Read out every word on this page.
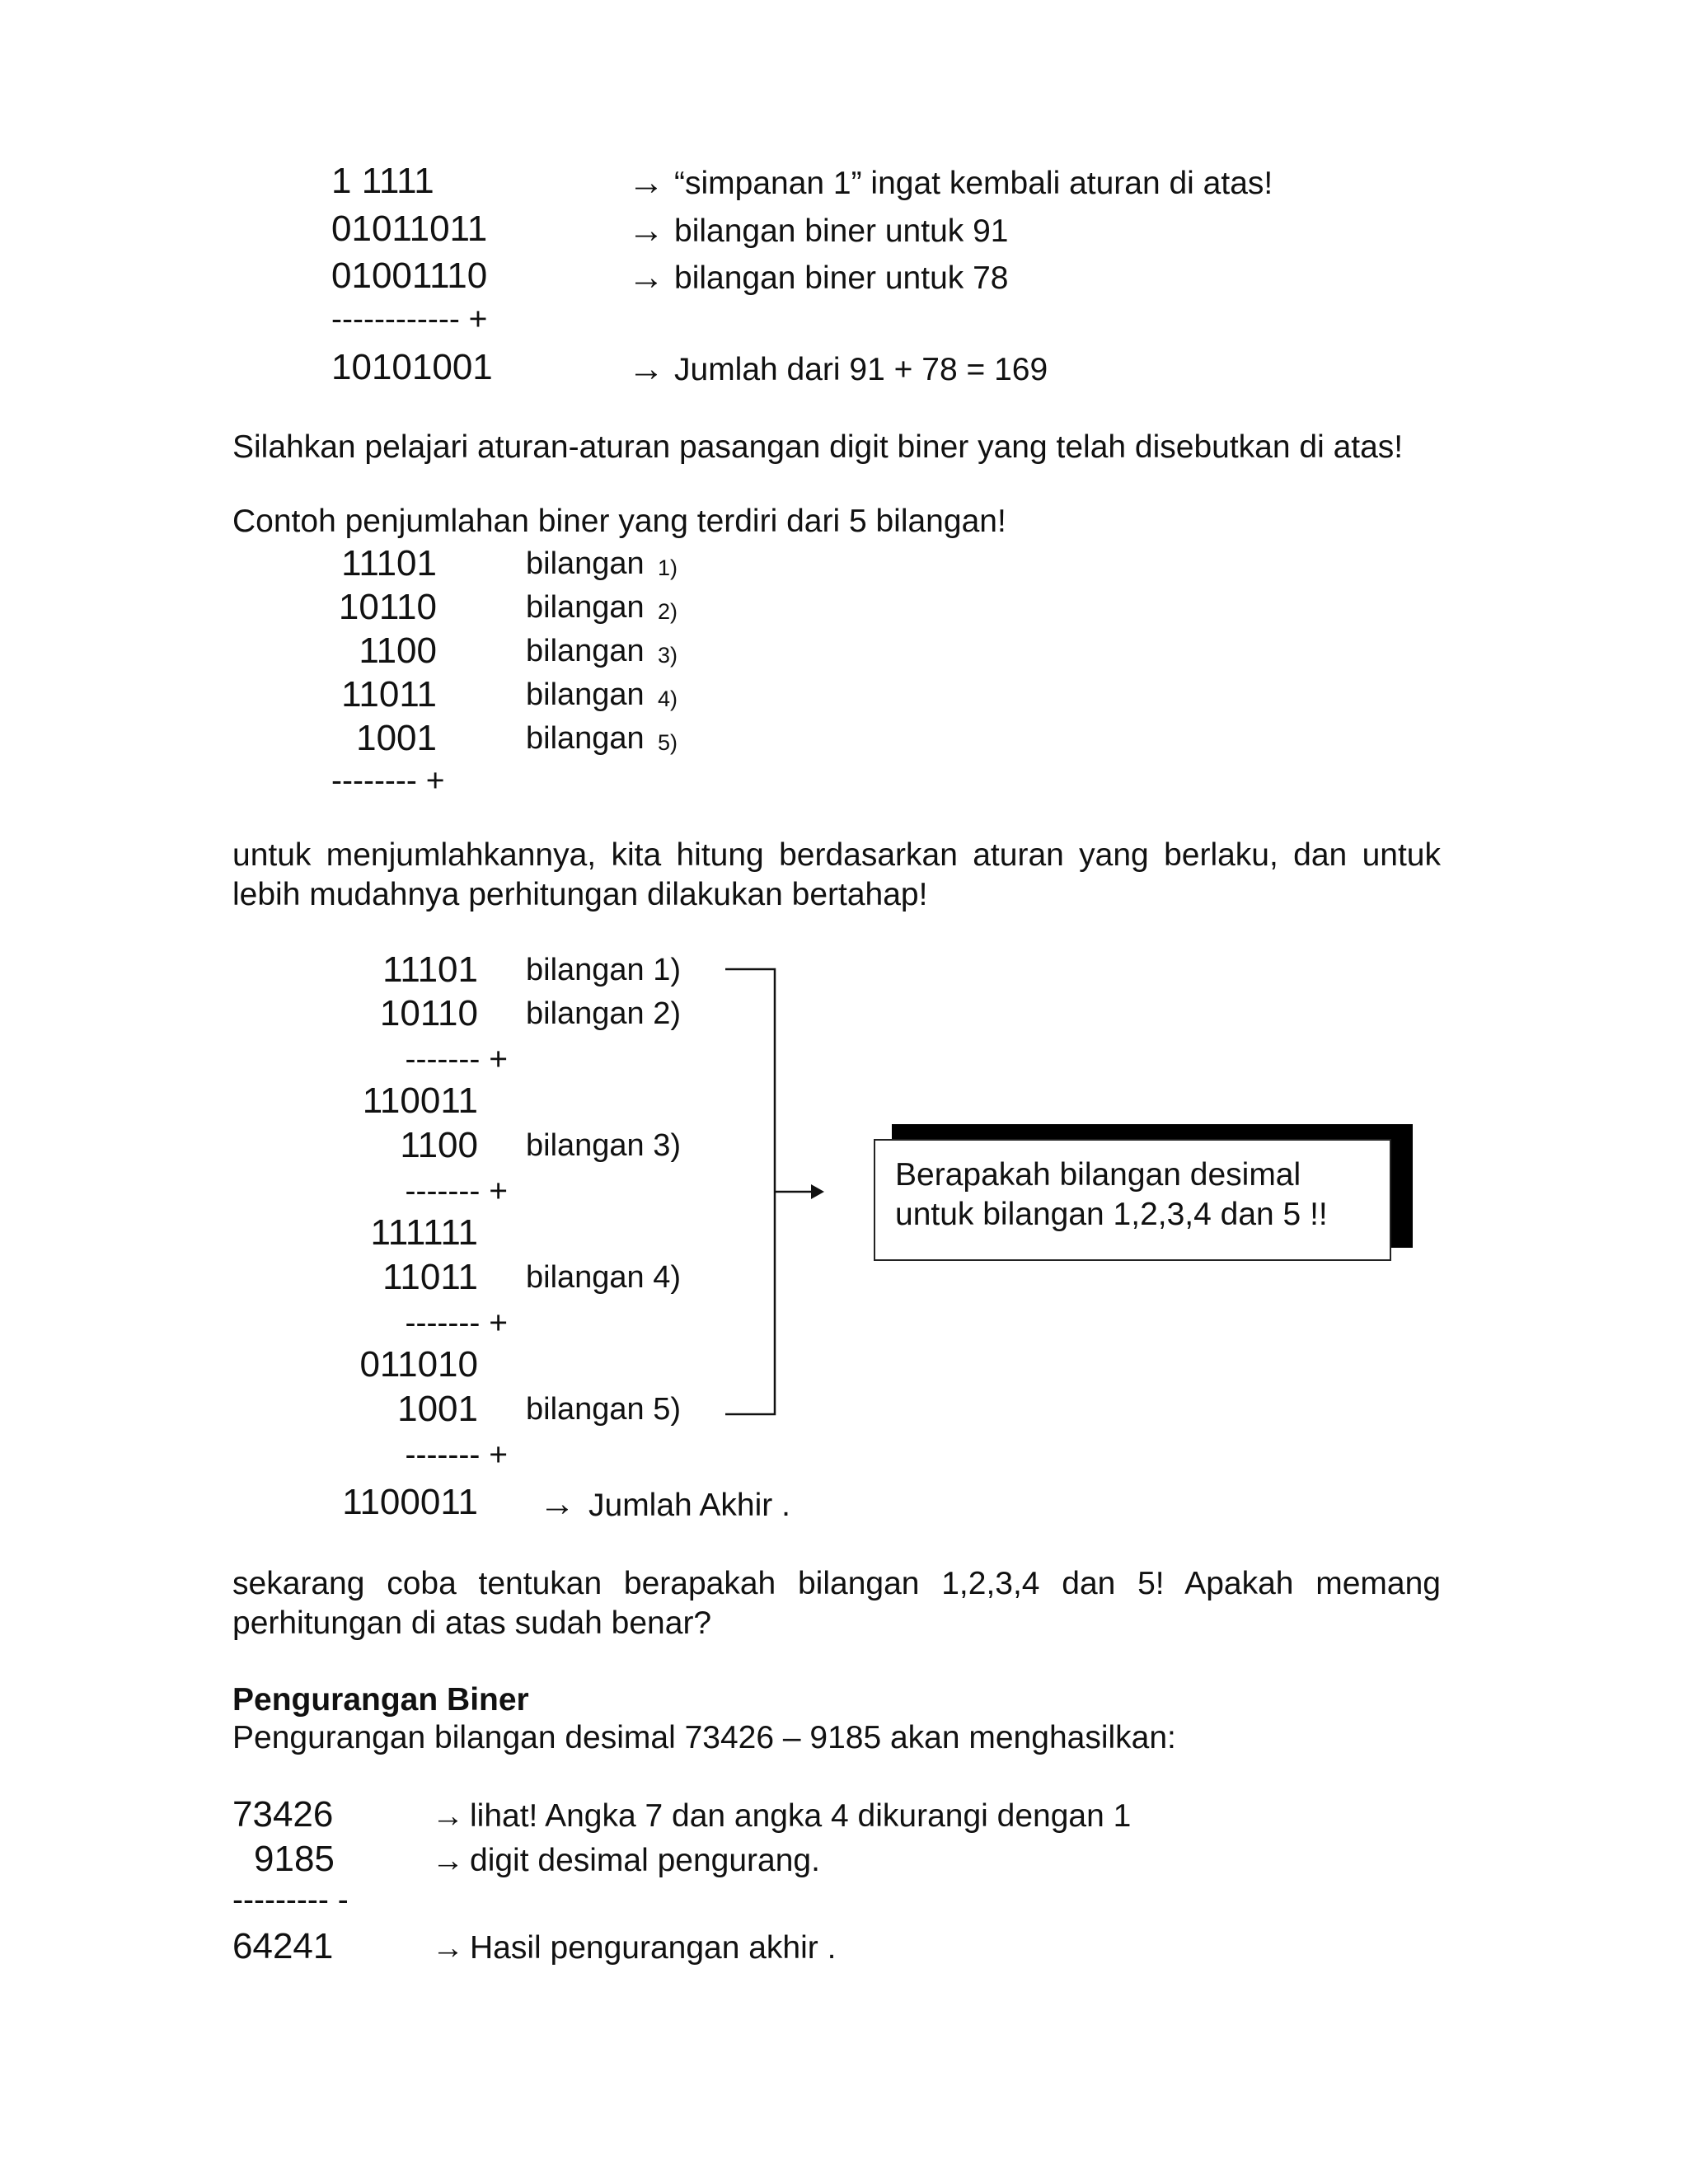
1 1111	→ “simpanan 1” ingat kembali aturan di atas!
01011011	→ bilangan biner untuk 91
01001110	→ bilangan biner untuk 78
------------ +
10101001	→ Jumlah dari 91 + 78 = 169
Silahkan pelajari aturan-aturan pasangan digit biner yang telah disebutkan di atas!
Contoh penjumlahan biner yang terdiri dari 5 bilangan!
11101	bilangan 1)
10110	bilangan 2)
1100	bilangan 3)
11011	bilangan 4)
1001	bilangan 5)
-------- +
untuk menjumlahkannya, kita hitung berdasarkan aturan yang berlaku, dan untuk lebih mudahnya perhitungan dilakukan bertahap!
11101 bilangan 1)
10110 bilangan 2)
------- +
110011
1100 bilangan 3)
------- +
111111
11011 bilangan 4)
------- +
011010
1001 bilangan 5)
------- +
1100011 → Jumlah Akhir .
Berapakah bilangan desimal
untuk bilangan 1,2,3,4 dan 5 !!
sekarang coba tentukan berapakah bilangan 1,2,3,4 dan 5! Apakah memang perhitungan di atas sudah benar?
Pengurangan Biner
Pengurangan bilangan desimal 73426 – 9185 akan menghasilkan:
73426	→ lihat! Angka 7 dan angka 4 dikurangi dengan 1
9185	→ digit desimal pengurang.
--------- -
64241	→ Hasil pengurangan akhir .
